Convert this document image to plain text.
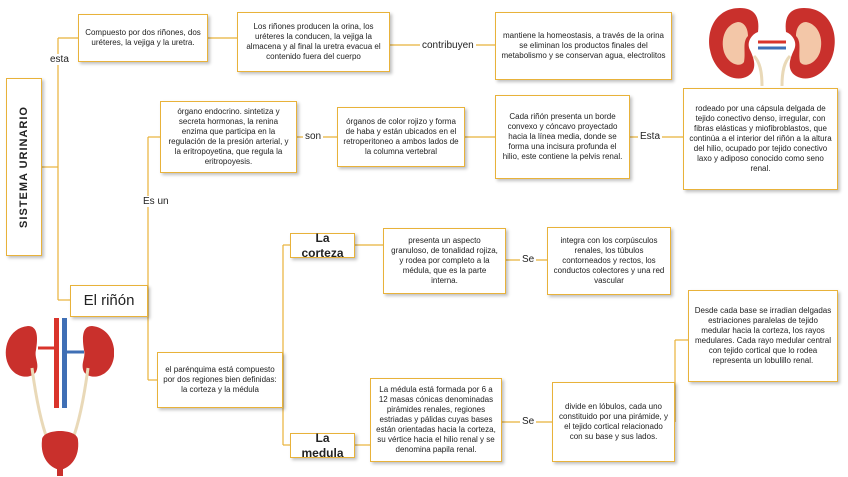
SISTEMA URINARIO
esta
contribuyen
Es un
son	Esta
Se
Se
Compuesto por dos riñones, dos uréteres, la vejiga y la uretra.
Los riñones producen la orina, los uréteres la conducen, la vejiga la almacena y al final la uretra evacua el contenido fuera del cuerpo
mantiene la homeostasis, a través de la orina se eliminan los productos finales del metabolismo y se conservan agua, electrolitos
órgano endocrino. sintetiza y secreta hormonas, la renina enzima que participa en la regulación de la presión arterial, y la eritropoyetina, que regula la eritropoyesis.
órganos de color rojizo y forma de haba y están ubicados en el retroperitoneo a ambos lados de la columna vertebral
Cada riñón presenta un borde convexo y cóncavo proyectado hacia la línea media, donde se forma una incisura profunda el hilio, este contiene la pelvis renal.
rodeado por una cápsula delgada de tejido conectivo denso, irregular, con fibras elásticas y miofibroblastos, que continúa a el interior del riñón a la altura del hilio, ocupado por tejido conectivo laxo y adiposo conocido como seno renal.
El riñón
el parénquima está compuesto por dos regiones bien definidas: la corteza y la médula
La corteza
presenta un aspecto granuloso, de tonalidad rojiza, y rodea por completo a la médula, que es la parte interna.
integra con los corpúsculos renales, los túbulos contorneados y rectos, los conductos colectores y una red vascular
Desde cada base se irradian delgadas estriaciones paralelas de tejido medular hacia la corteza, los rayos medulares. Cada rayo medular central con tejido cortical que lo rodea representa un lobulillo renal.
La medula
La médula está formada por 6 a 12 masas cónicas denominadas pirámides renales, regiones estriadas y pálidas cuyas bases están orientadas hacia la corteza, su vértice hacia el hilio renal y se denomina papila renal.
divide en lóbulos, cada uno constituido por una pirámide, y el tejido cortical relacionado con su base y sus lados.
